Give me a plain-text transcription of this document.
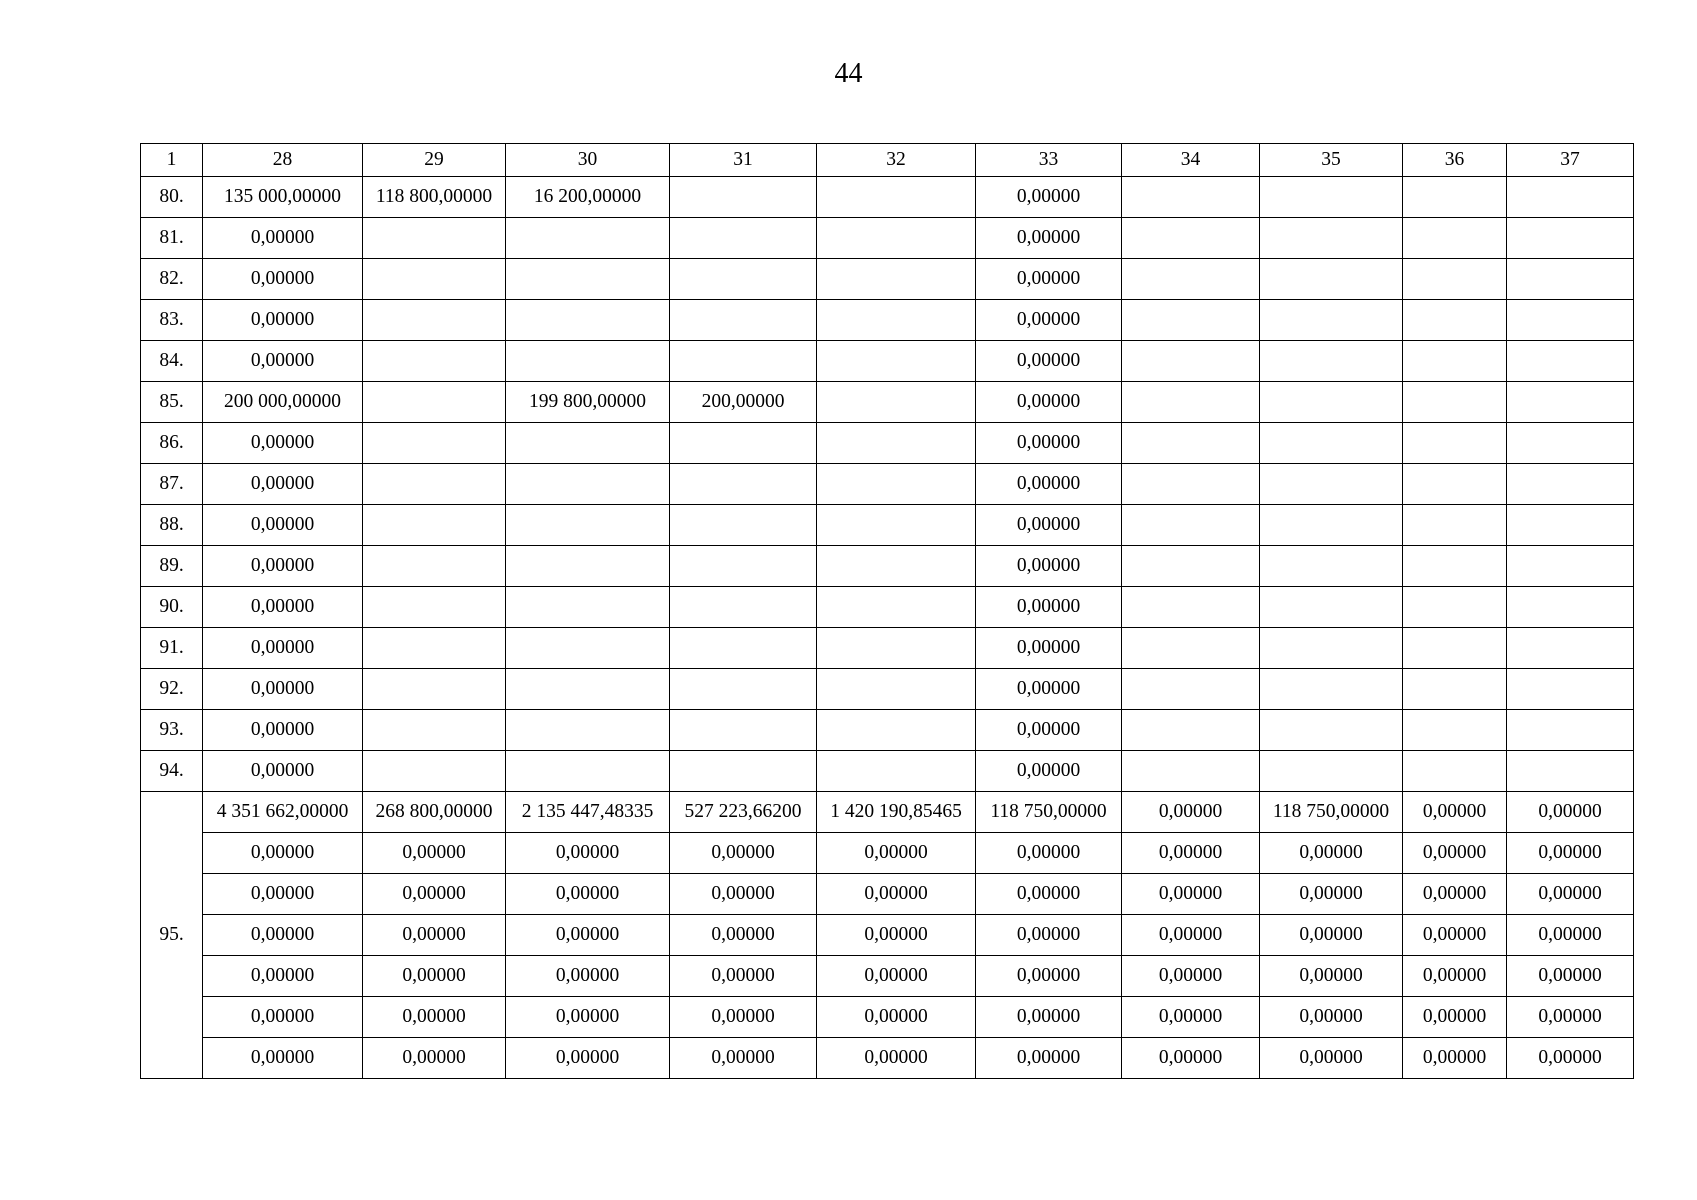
44
1	28	29	30	31	32	33	34	35	36	37
80.	135 000,00000	118 800,00000	16 200,00000			0,00000				
81.	0,00000					0,00000				
82.	0,00000					0,00000				
83.	0,00000					0,00000				
84.	0,00000					0,00000				
85.	200 000,00000		199 800,00000	200,00000		0,00000				
86.	0,00000					0,00000				
87.	0,00000					0,00000				
88.	0,00000					0,00000				
89.	0,00000					0,00000				
90.	0,00000					0,00000				
91.	0,00000					0,00000				
92.	0,00000					0,00000				
93.	0,00000					0,00000				
94.	0,00000					0,00000				
95.	4 351 662,00000	268 800,00000	2 135 447,48335	527 223,66200	1 420 190,85465	118 750,00000	0,00000	118 750,00000	0,00000	0,00000
	0,00000	0,00000	0,00000	0,00000	0,00000	0,00000	0,00000	0,00000	0,00000	0,00000
	0,00000	0,00000	0,00000	0,00000	0,00000	0,00000	0,00000	0,00000	0,00000	0,00000
	0,00000	0,00000	0,00000	0,00000	0,00000	0,00000	0,00000	0,00000	0,00000	0,00000
	0,00000	0,00000	0,00000	0,00000	0,00000	0,00000	0,00000	0,00000	0,00000	0,00000
	0,00000	0,00000	0,00000	0,00000	0,00000	0,00000	0,00000	0,00000	0,00000	0,00000
	0,00000	0,00000	0,00000	0,00000	0,00000	0,00000	0,00000	0,00000	0,00000	0,00000
